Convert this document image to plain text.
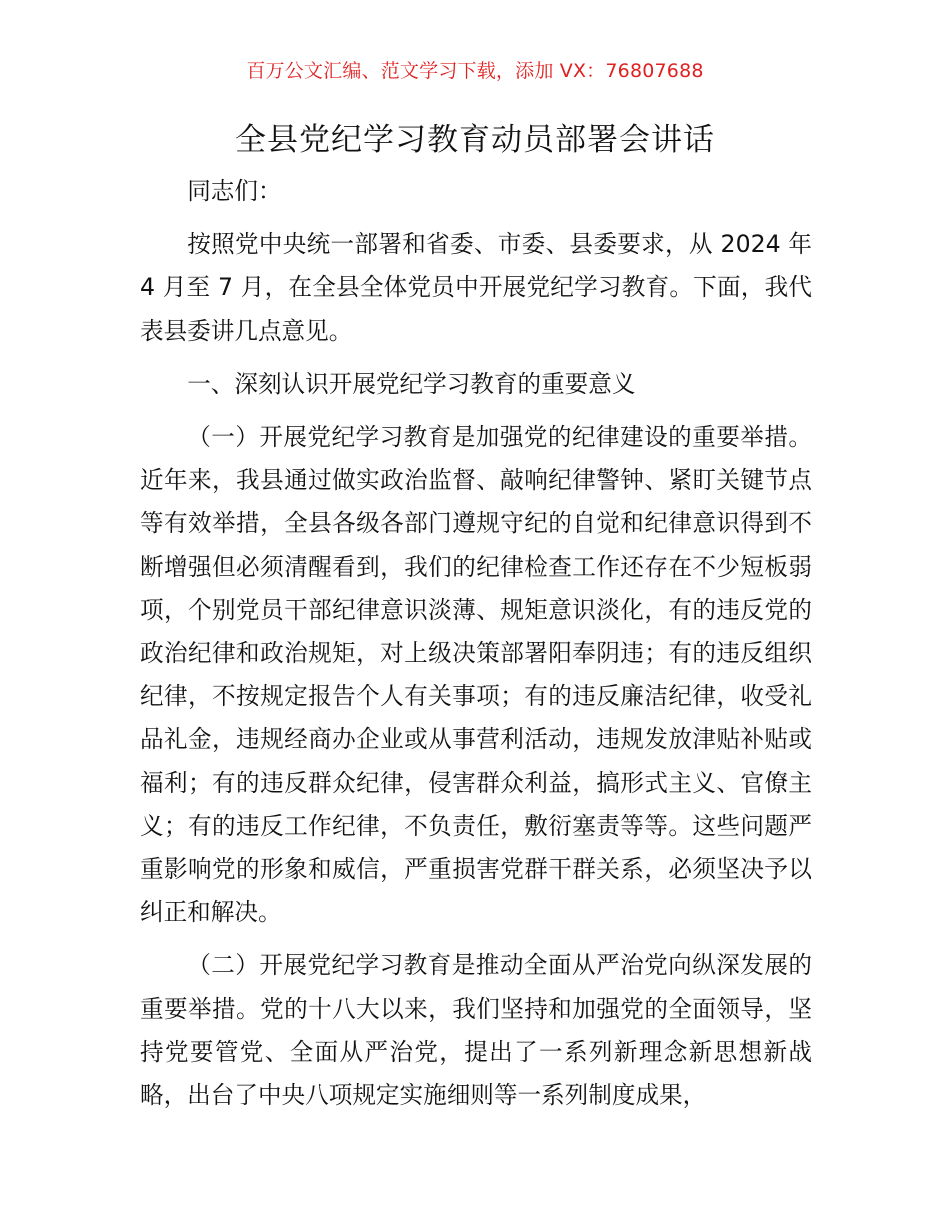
百万公文汇编、范文学习下载，添加 VX：76807688
全县党纪学习教育动员部署会讲话

同志们：

按照党中央统一部署和省委、市委、县委要求，从 2024 年 4 月至 7 月，在全县全体党员中开展党纪学习教育。下面，我代表县委讲几点意见。

一、深刻认识开展党纪学习教育的重要意义

（一）开展党纪学习教育是加强党的纪律建设的重要举措。近年来，我县通过做实政治监督、敲响纪律警钟、紧盯关键节点等有效举措，全县各级各部门遵规守纪的自觉和纪律意识得到不断增强但必须清醒看到，我们的纪律检查工作还存在不少短板弱项，个别党员干部纪律意识淡薄、规矩意识淡化，有的违反党的政治纪律和政治规矩，对上级决策部署阳奉阴违；有的违反组织纪律，不按规定报告个人有关事项；有的违反廉洁纪律，收受礼品礼金，违规经商办企业或从事营利活动，违规发放津贴补贴或福利；有的违反群众纪律，侵害群众利益，搞形式主义、官僚主义；有的违反工作纪律，不负责任，敷衍塞责等等。这些问题严重影响党的形象和威信，严重损害党群干群关系，必须坚决予以纠正和解决。

（二）开展党纪学习教育是推动全面从严治党向纵深发展的重要举措。党的十八大以来，我们坚持和加强党的全面领导，坚持党要管党、全面从严治党，提出了一系列新理念新思想新战略，出台了中央八项规定实施细则等一系列制度成果，
